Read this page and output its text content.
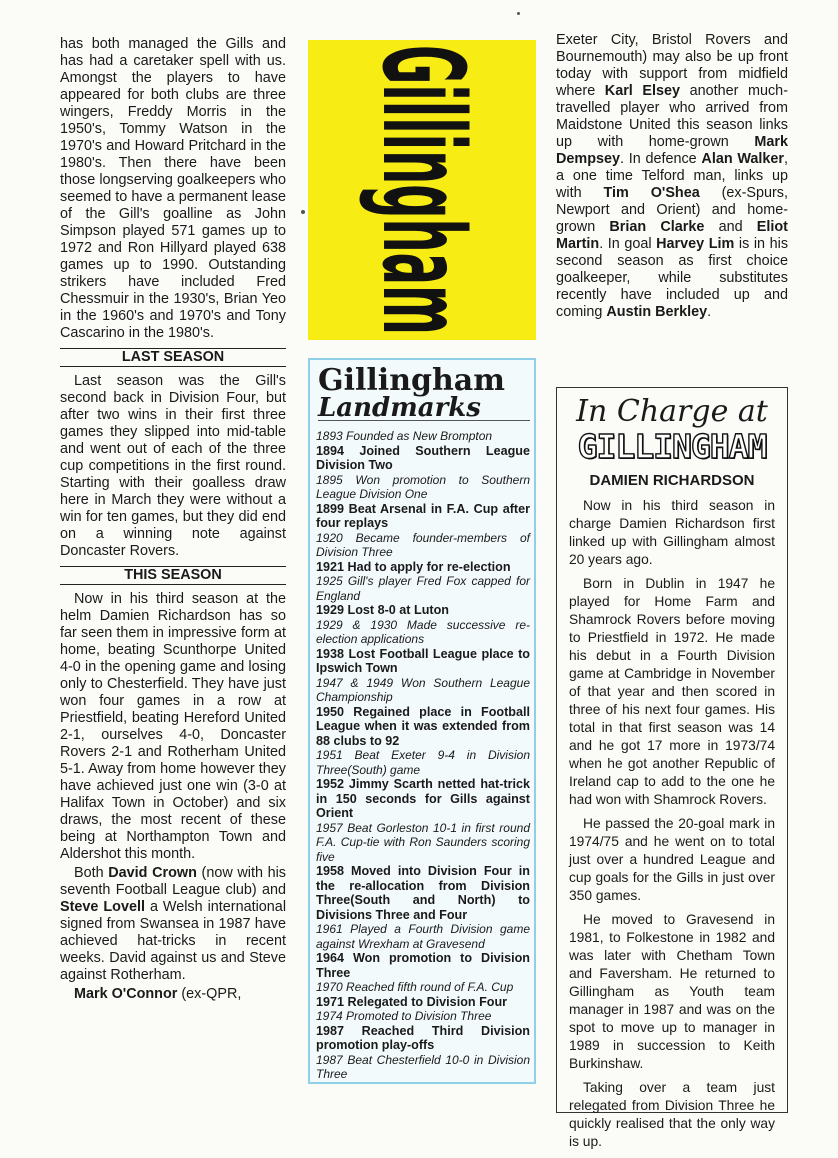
has both managed the Gills and has had a caretaker spell with us. Amongst the players to have appeared for both clubs are three wingers, Freddy Morris in the 1950's, Tommy Watson in the 1970's and Howard Pritchard in the 1980's. Then there have been those longserving goalkeepers who seemed to have a permanent lease of the Gill's goalline as John Simpson played 571 games up to 1972 and Ron Hillyard played 638 games up to 1990. Outstanding strikers have included Fred Chessmuir in the 1930's, Brian Yeo in the 1960's and 1970's and Tony Cascarino in the 1980's.

LAST SEASON

Last season was the Gill's second back in Division Four, but after two wins in their first three games they slipped into mid-table and went out of each of the three cup competitions in the first round. Starting with their goalless draw here in March they were without a win for ten games, but they did end on a winning note against Doncaster Rovers.

THIS SEASON

Now in his third season at the helm Damien Richardson has so far seen them in impressive form at home, beating Scunthorpe United 4-0 in the opening game and losing only to Chesterfield. They have just won four games in a row at Priestfield, beating Hereford United 2-1, ourselves 4-0, Doncaster Rovers 2-1 and Rotherham United 5-1. Away from home however they have achieved just one win (3-0 at Halifax Town in October) and six draws, the most recent of these being at Northampton Town and Aldershot this month.

Both David Crown (now with his seventh Football League club) and Steve Lovell a Welsh international signed from Swansea in 1987 have achieved hat-tricks in recent weeks. David against us and Steve against Rotherham.

Mark O'Connor (ex-QPR,

Gillingham
Landmarks

1893 Founded as New Brompton

1894 Joined Southern League Division Two

1895 Won promotion to Southern League Division One

1899 Beat Arsenal in F.A. Cup after four replays

1920 Became founder-members of Division Three

1921 Had to apply for re-election

1925 Gill's player Fred Fox capped for England

1929 Lost 8-0 at Luton

1929 & 1930 Made successive re-election applications

1938 Lost Football League place to Ipswich Town

1947 & 1949 Won Southern League Championship

1950 Regained place in Football League when it was extended from 88 clubs to 92

1951 Beat Exeter 9-4 in Division Three(South) game

1952 Jimmy Scarth netted hat-trick in 150 seconds for Gills against Orient

1957 Beat Gorleston 10-1 in first round F.A. Cup-tie with Ron Saunders scoring five

1958 Moved into Division Four in the re-allocation from Division Three(South and North) to Divisions Three and Four

1961 Played a Fourth Division game against Wrexham at Gravesend

1964 Won promotion to Division Three

1970 Reached fifth round of F.A. Cup

1971 Relegated to Division Four

1974 Promoted to Division Three

1987 Reached Third Division promotion play-offs

1987 Beat Chesterfield 10-0 in Division Three

Exeter City, Bristol Rovers and Bournemouth) may also be up front today with support from midfield where Karl Elsey another much-travelled player who arrived from Maidstone United this season links up with home-grown Mark Dempsey. In defence Alan Walker, a one time Telford man, links up with Tim O'Shea (ex-Spurs, Newport and Orient) and home-grown Brian Clarke and Eliot Martin. In goal Harvey Lim is in his second season as first choice goalkeeper, while substitutes recently have included up and coming Austin Berkley.

In Charge at
GILLINGHAM
DAMIEN RICHARDSON

Now in his third season in charge Damien Richardson first linked up with Gillingham almost 20 years ago.

Born in Dublin in 1947 he played for Home Farm and Shamrock Rovers before moving to Priestfield in 1972. He made his debut in a Fourth Division game at Cambridge in November of that year and then scored in three of his next four games. His total in that first season was 14 and he got 17 more in 1973/74 when he got another Republic of Ireland cap to add to the one he had won with Shamrock Rovers.

He passed the 20-goal mark in 1974/75 and he went on to total just over a hundred League and cup goals for the Gills in just over 350 games.

He moved to Gravesend in 1981, to Folkestone in 1982 and was later with Chetham Town and Faversham. He returned to Gillingham as Youth team manager in 1987 and was on the spot to move up to manager in 1989 in succession to Keith Burkinshaw.

Taking over a team just relegated from Division Three he quickly realised that the only way is up.
